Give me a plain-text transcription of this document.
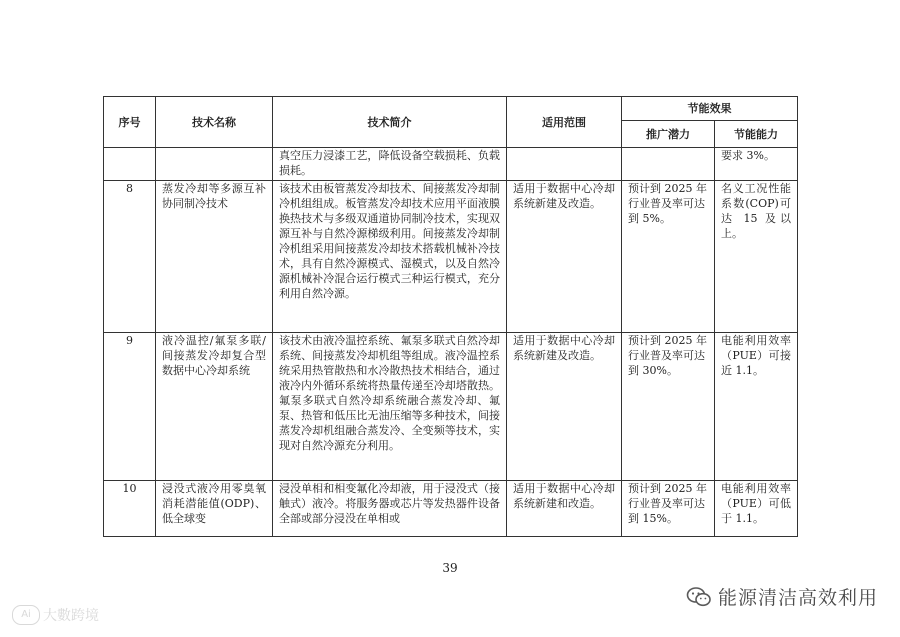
序号	技术名称	技术简介	适用范围	节能效果	
				推广潜力	节能能力
		真空压力浸漆工艺，降低设备空载损耗、负载损耗。			要求 3%。
8	蒸发冷却等多源互补协同制冷技术	该技术由板管蒸发冷却技术、间接蒸发冷却制冷机组组成。板管蒸发冷却技术应用平面液膜换热技术与多级双通道协同制冷技术，实现双源互补与自然冷源梯级利用。间接蒸发冷却制冷机组采用间接蒸发冷却技术搭载机械补冷技术，具有自然冷源模式、湿模式，以及自然冷源机械补冷混合运行模式三种运行模式，充分利用自然冷源。	适用于数据中心冷却系统新建及改造。	预计到 2025 年行业普及率可达到 5%。	名义工况性能系数(COP)可达 15 及以上。
9	液冷温控/氟泵多联/间接蒸发冷却复合型数据中心冷却系统	该技术由液冷温控系统、氟泵多联式自然冷却系统、间接蒸发冷却机组等组成。液冷温控系统采用热管散热和水冷散热技术相结合，通过液冷内外循环系统将热量传递至冷却塔散热。氟泵多联式自然冷却系统融合蒸发冷却、氟泵、热管和低压比无油压缩等多种技术，间接蒸发冷却机组融合蒸发冷、全变频等技术，实现对自然冷源充分利用。	适用于数据中心冷却系统新建及改造。	预计到 2025 年行业普及率可达到 30%。	电能利用效率（PUE）可接近 1.1。
10	浸没式液冷用零臭氧消耗潜能值(ODP)、低全球变	浸没单相和相变氟化冷却液，用于浸没式（接触式）液冷。将服务器或芯片等发热器件设备全部或部分浸没在单相或	适用于数据中心冷却系统新建和改造。	预计到 2025 年行业普及率可达到 15%。	电能利用效率（PUE）可低于 1.1。
39
Ai 大數跨境
能源清洁高效利用
